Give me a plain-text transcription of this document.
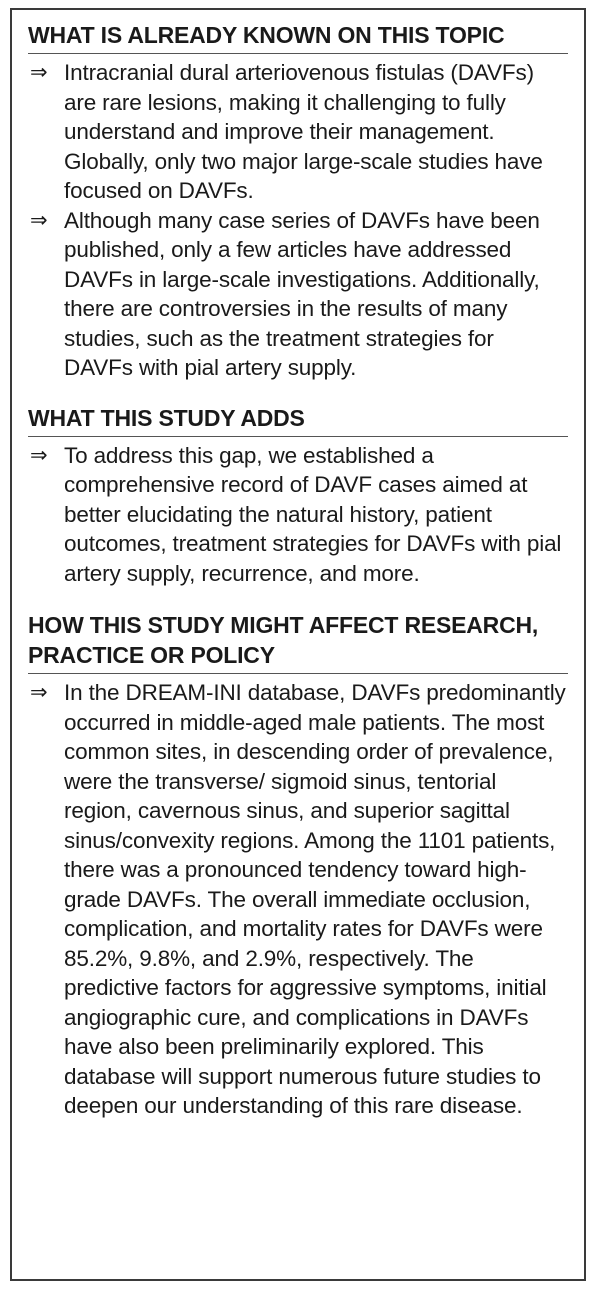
WHAT IS ALREADY KNOWN ON THIS TOPIC
⇒ Intracranial dural arteriovenous fistulas (DAVFs) are rare lesions, making it challenging to fully understand and improve their management. Globally, only two major large-scale studies have focused on DAVFs.
⇒ Although many case series of DAVFs have been published, only a few articles have addressed DAVFs in large-scale investigations. Additionally, there are controversies in the results of many studies, such as the treatment strategies for DAVFs with pial artery supply.
WHAT THIS STUDY ADDS
⇒ To address this gap, we established a comprehensive record of DAVF cases aimed at better elucidating the natural history, patient outcomes, treatment strategies for DAVFs with pial artery supply, recurrence, and more.
HOW THIS STUDY MIGHT AFFECT RESEARCH, PRACTICE OR POLICY
⇒ In the DREAM-INI database, DAVFs predominantly occurred in middle-aged male patients. The most common sites, in descending order of prevalence, were the transverse/ sigmoid sinus, tentorial region, cavernous sinus, and superior sagittal sinus/convexity regions. Among the 1101 patients, there was a pronounced tendency toward high-grade DAVFs. The overall immediate occlusion, complication, and mortality rates for DAVFs were 85.2%, 9.8%, and 2.9%, respectively. The predictive factors for aggressive symptoms, initial angiographic cure, and complications in DAVFs have also been preliminarily explored. This database will support numerous future studies to deepen our understanding of this rare disease.
